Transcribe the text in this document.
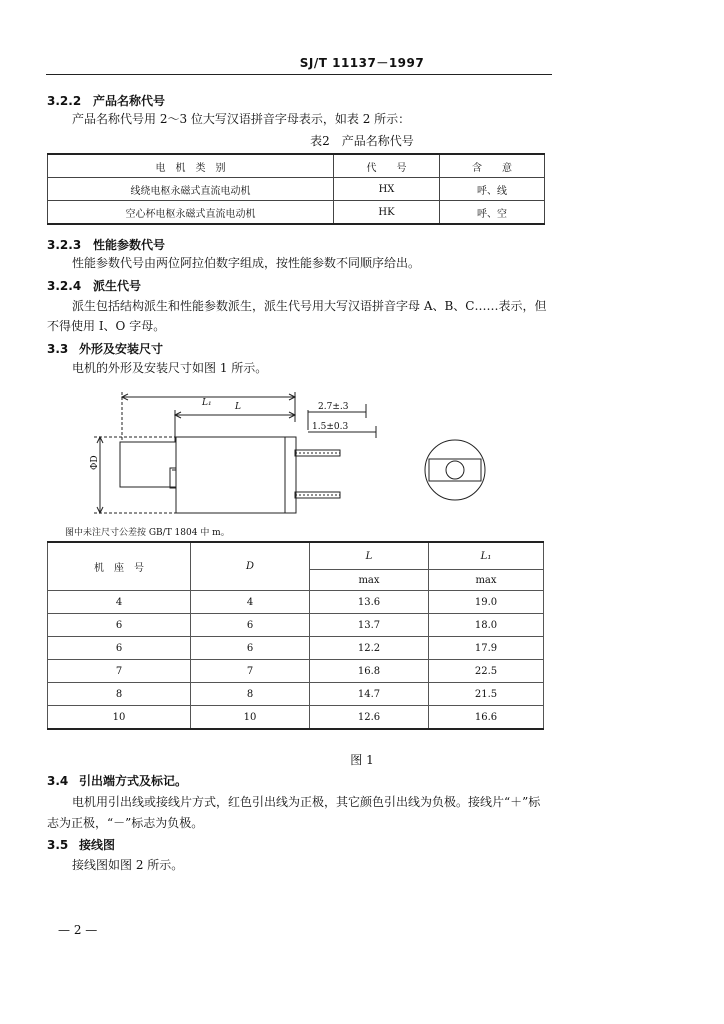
SJ/T 11137－1997
3.2.2 产品名称代号
产品名称代号用 2～3 位大写汉语拼音字母表示，如表 2 所示：
表2　产品名称代号
电　机　类　别	代　　号	含　　意
线绕电枢永磁式直流电动机	HX	呼、线
空心杯电枢永磁式直流电动机	HK	呼、空
3.2.3 性能参数代号
性能参数代号由两位阿拉伯数字组成，按性能参数不同顺序给出。
3.2.4 派生代号
派生包括结构派生和性能参数派生，派生代号用大写汉语拼音字母 A、B、C……表示，但
不得使用 I、O 字母。
3.3 外形及安装尺寸
电机的外形及安装尺寸如图 1 所示。
L₁	L	2.7±.3
1.5±0.3
ΦD
图中未注尺寸公差按 GB/T 1804 中 m。
机　座　号	D	L	L₁
		max	max
4	4	13.6	19.0
6	6	13.7	18.0
6	6	12.2	17.9
7	7	16.8	22.5
8	8	14.7	21.5
10	10	12.6	16.6
图 1
3.4 引出端方式及标记。
电机用引出线或接线片方式，红色引出线为正极，其它颜色引出线为负极。接线片“＋”标
志为正极，“－”标志为负极。
3.5 接线图
接线图如图 2 所示。
— 2 —
